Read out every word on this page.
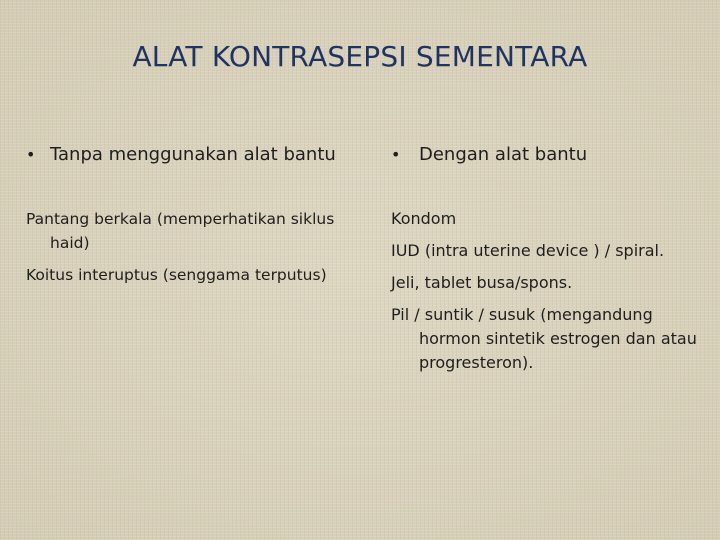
ALAT KONTRASEPSI SEMENTARA
• Tanpa menggunakan alat bantu
Pantang berkala (memperhatikan siklus haid)
Koitus interuptus (senggama terputus)
•	Dengan alat bantu
Kondom
IUD (intra uterine device ) / spiral.
Jeli, tablet busa/spons.
Pil / suntik / susuk (mengandung hormon sintetik estrogen dan atau progresteron).
